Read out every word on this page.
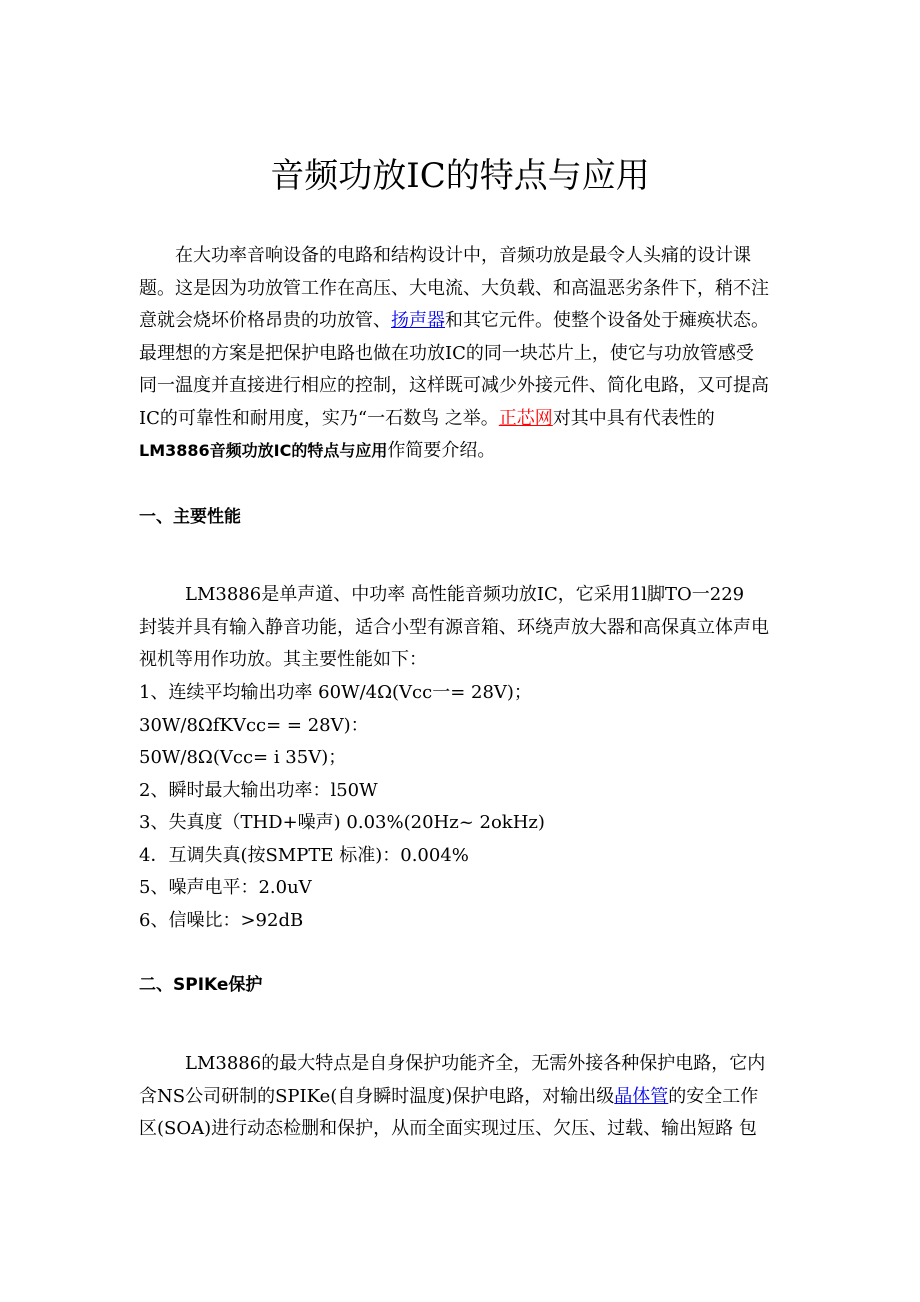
音频功放IC的特点与应用
在大功率音响设备的电路和结构设计中，音频功放是最令人头痛的设计课
题。这是因为功放管工作在高压、大电流、大负载、和高温恶劣条件下，稍不注
意就会烧坏价格昂贵的功放管、扬声器和其它元件。使整个设备处于瘫痪状态。
最理想的方案是把保护电路也做在功放IC的同一块芯片上，使它与功放管感受
同一温度并直接进行相应的控制，这样既可减少外接元件、简化电路，又可提高
IC的可靠性和耐用度，实乃“一石数鸟 之举。正芯网对其中具有代表性的
LM3886音频功放IC的特点与应用作简要介绍。
一、主要性能
LM3886是单声道、中功率 高性能音频功放IC，它采用1l脚TO一229
封装并具有输入静音功能，适合小型有源音箱、环绕声放大器和高保真立体声电
视机等用作功放。其主要性能如下：
1、连续平均输出功率 60W/4Ω(Vcc一= 28V)；
30W/8ΩfKVcc= = 28V)：
50W/8Ω(Vcc= i 35V)；
2、瞬时最大输出功率：l50W
3、失真度（THD+噪声) 0.03%(20Hz~ 2okHz)
4．互调失真(按SMPTE 标准)：0.004%
5、噪声电平：2.0uV
6、信噪比：>92dB
二、SPIKe保护
LM3886的最大特点是自身保护功能齐全，无需外接各种保护电路，它内
含NS公司研制的SPIKe(自身瞬时温度)保护电路，对输出级晶体管的安全工作
区(SOA)进行动态检删和保护，从而全面实现过压、欠压、过载、输出短路 包
